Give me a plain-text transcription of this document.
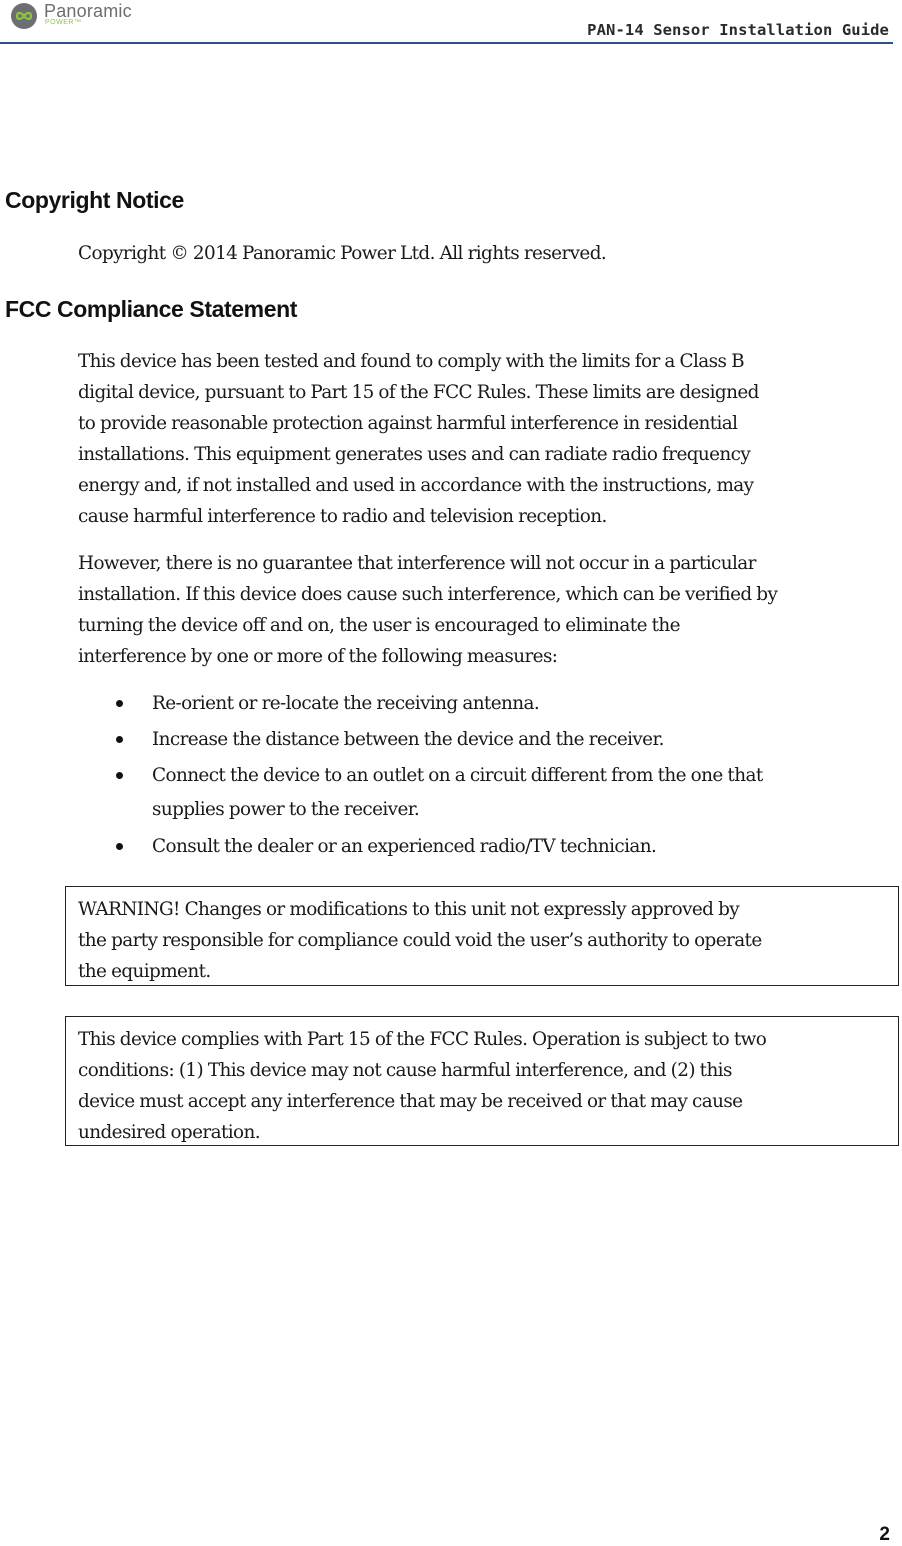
Panoramic
POWER™	PAN-14 Sensor Installation Guide
Copyright Notice

Copyright © 2014 Panoramic Power Ltd. All rights reserved.

FCC Compliance Statement

This device has been tested and found to comply with the limits for a Class B
digital device, pursuant to Part 15 of the FCC Rules. These limits are designed
to provide reasonable protection against harmful interference in residential
installations. This equipment generates uses and can radiate radio frequency
energy and, if not installed and used in accordance with the instructions, may
cause harmful interference to radio and television reception.

However, there is no guarantee that interference will not occur in a particular
installation. If this device does cause such interference, which can be verified by
turning the device off and on, the user is encouraged to eliminate the
interference by one or more of the following measures:

Re-orient or re-locate the receiving antenna.
Increase the distance between the device and the receiver.
Connect the device to an outlet on a circuit different from the one that
supplies power to the receiver.
Consult the dealer or an experienced radio/TV technician.
WARNING! Changes or modifications to this unit not expressly approved by
the party responsible for compliance could void the user’s authority to operate
the equipment.
This device complies with Part 15 of the FCC Rules. Operation is subject to two
conditions: (1) This device may not cause harmful interference, and (2) this
device must accept any interference that may be received or that may cause
undesired operation.
2
